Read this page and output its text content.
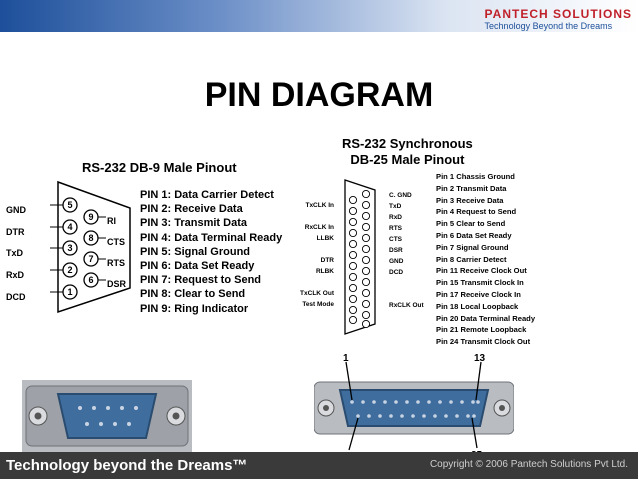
PANTECH SOLUTIONS
Technology Beyond the Dreams
PIN DIAGRAM
RS-232 DB-9 Male Pinout
5
4
3
2
1
9
8
7
6
GND
DTR
TxD
RxD
DCD
RI
CTS
RTS
DSR
PIN 1: Data Carrier Detect
PIN 2: Receive Data
PIN 3: Transmit Data
PIN 4: Data Terminal Ready
PIN 5: Signal Ground
PIN 6: Data Set Ready
PIN 7: Request to Send
PIN 8: Clear to Send
PIN 9: Ring Indicator
RS-232 Synchronous
DB-25 Male Pinout
TxCLK In

RxCLK In
LLBK

DTR
RLBK

TxCLK Out
Test Mode
C. GND
TxD
RxD
RTS
CTS
DSR
GND
DCD

RxCLK Out
Pin 1 Chassis Ground
Pin 2 Transmit Data
Pin 3 Receive Data
Pin 4 Request to Send
Pin 5 Clear to Send
Pin 6 Data Set Ready
Pin 7 Signal Ground
Pin 8 Carrier Detect
Pin 11 Receive Clock Out
Pin 15 Transmit Clock In
Pin 17 Receive Clock In
Pin 18 Local Loopback
Pin 20 Data Terminal Ready
Pin 21 Remote Loopback
Pin 24 Transmit Clock Out
1	13
Technology beyond the Dreams™	Copyright © 2006 Pantech Solutions Pvt Ltd.
